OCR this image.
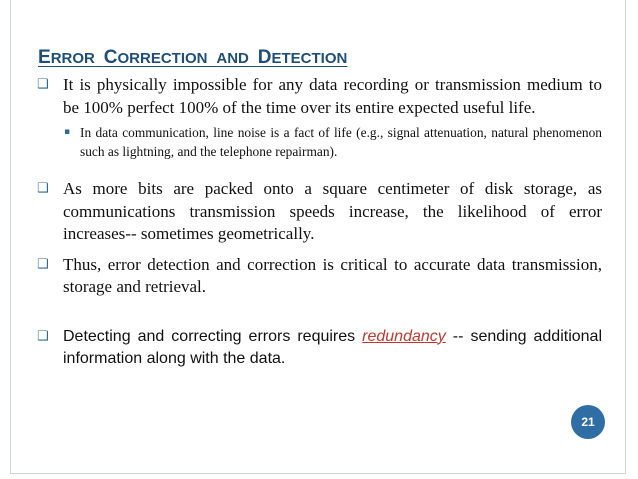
ERROR CORRECTION AND DETECTION
❑ It is physically impossible for any data recording or transmission medium to be 100% perfect 100% of the time over its entire expected useful life.
▪ In data communication, line noise is a fact of life (e.g., signal attenuation, natural phenomenon such as lightning, and the telephone repairman).
❑ As more bits are packed onto a square centimeter of disk storage, as communications transmission speeds increase, the likelihood of error increases-- sometimes geometrically.
❑ Thus, error detection and correction is critical to accurate data transmission, storage and retrieval.
❑ Detecting and correcting errors requires redundancy -- sending additional information along with the data.
21
